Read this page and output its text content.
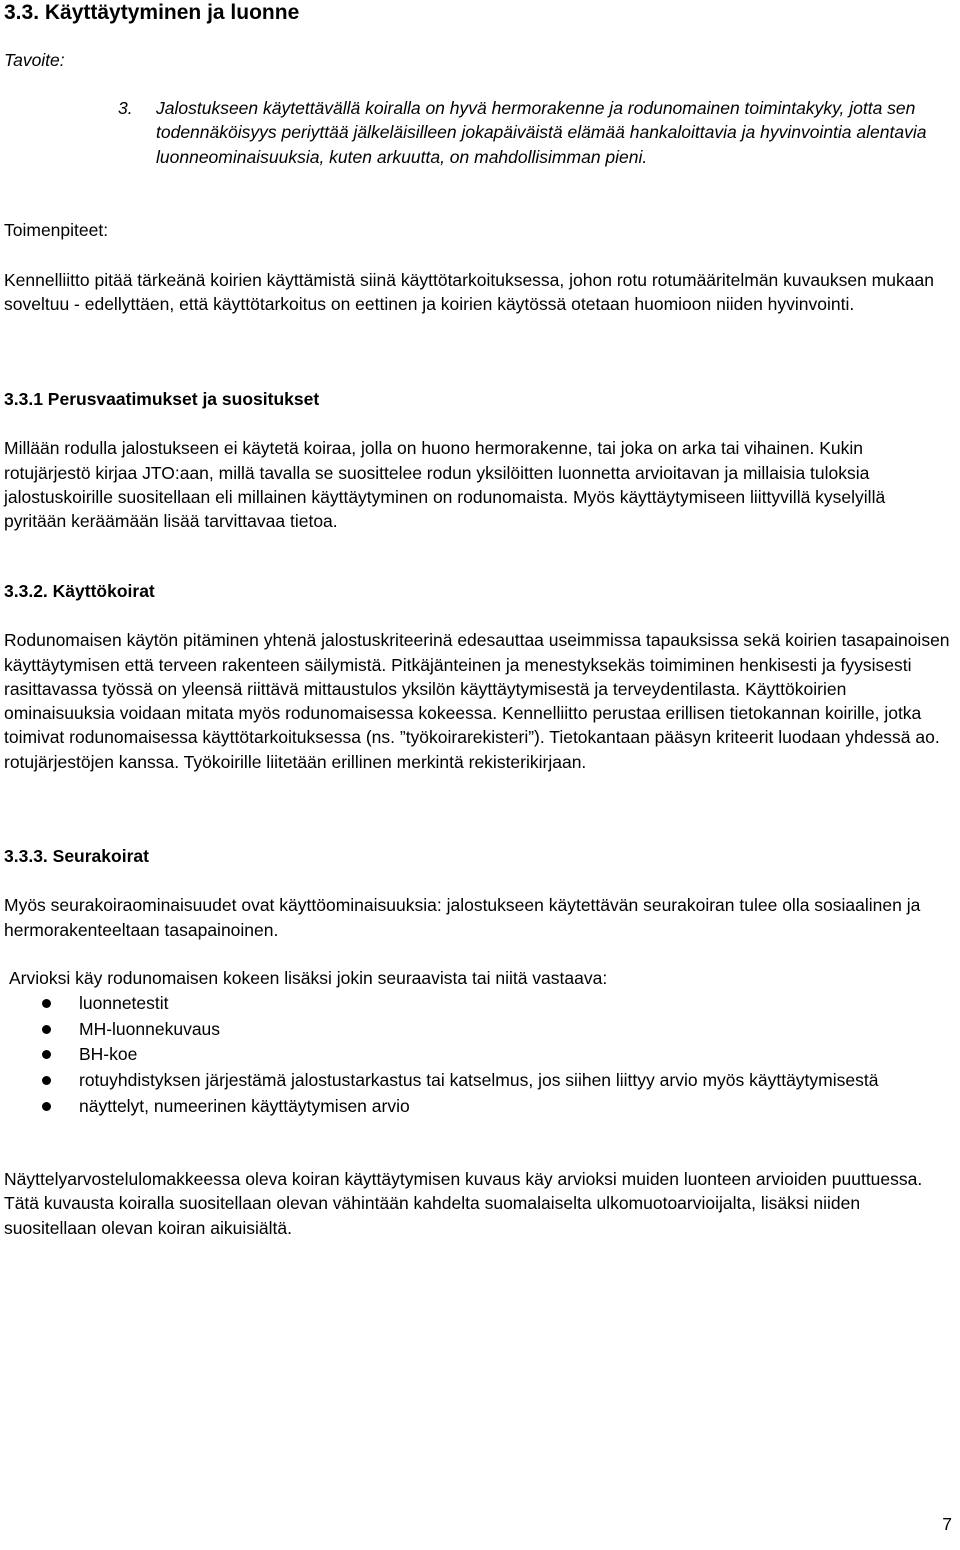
3.3. Käyttäytyminen ja luonne
Tavoite:
3. Jalostukseen käytettävällä koiralla on hyvä hermorakenne ja rodunomainen toimintakyky, jotta sen todennäköisyys periyttää jälkeläisilleen jokapäiväistä elämää hankaloittavia ja hyvinvointia alentavia luonneominaisuuksia, kuten arkuutta, on mahdollisimman pieni.
Toimenpiteet:

Kennelliitto pitää tärkeänä koirien käyttämistä siinä käyttötarkoituksessa, johon rotu rotumääritelmän kuvauksen mukaan soveltuu - edellyttäen, että käyttötarkoitus on eettinen ja koirien käytössä otetaan huomioon niiden hyvinvointi.

3.3.1 Perusvaatimukset ja suositukset

Millään rodulla jalostukseen ei käytetä koiraa, jolla on huono hermorakenne, tai joka on arka tai vihainen. Kukin rotujärjestö kirjaa JTO:aan, millä tavalla se suosittelee rodun yksilöitten luonnetta arvioitavan ja millaisia tuloksia jalostuskoirille suositellaan eli millainen käyttäytyminen on rodunomaista. Myös käyttäytymiseen liittyvillä kyselyillä pyritään keräämään lisää tarvittavaa tietoa.

3.3.2. Käyttökoirat

Rodunomaisen käytön pitäminen yhtenä jalostuskriteerinä edesauttaa useimmissa tapauksissa sekä koirien tasapainoisen käyttäytymisen että terveen rakenteen säilymistä. Pitkäjänteinen ja menestyksekäs toimiminen henkisesti ja fyysisesti rasittavassa työssä on yleensä riittävä mittaustulos yksilön käyttäytymisestä ja terveydentilasta. Käyttökoirien ominaisuuksia voidaan mitata myös rodunomaisessa kokeessa. Kennelliitto perustaa erillisen tietokannan koirille, jotka toimivat rodunomaisessa käyttötarkoituksessa (ns. ”työkoirarekisteri”). Tietokantaan pääsyn kriteerit luodaan yhdessä ao. rotujärjestöjen kanssa. Työkoirille liitetään erillinen merkintä rekisterikirjaan.

3.3.3. Seurakoirat

Myös seurakoiraominaisuudet ovat käyttöominaisuuksia: jalostukseen käytettävän seurakoiran tulee olla sosiaalinen ja hermorakenteeltaan tasapainoinen.

Arvioksi käy rodunomaisen kokeen lisäksi jokin seuraavista tai niitä vastaava:

luonnetestit
MH-luonnekuvaus
BH-koe
rotuyhdistyksen järjestämä jalostustarkastus tai katselmus, jos siihen liittyy arvio myös käyttäytymisestä
näyttelyt, numeerinen käyttäytymisen arvio

Näyttelyarvostelulomakkeessa oleva koiran käyttäytymisen kuvaus käy arvioksi muiden luonteen arvioiden puuttuessa. Tätä kuvausta koiralla suositellaan olevan vähintään kahdelta suomalaiselta ulkomuotoarvioijalta, lisäksi niiden suositellaan olevan koiran aikuisiältä.

7
